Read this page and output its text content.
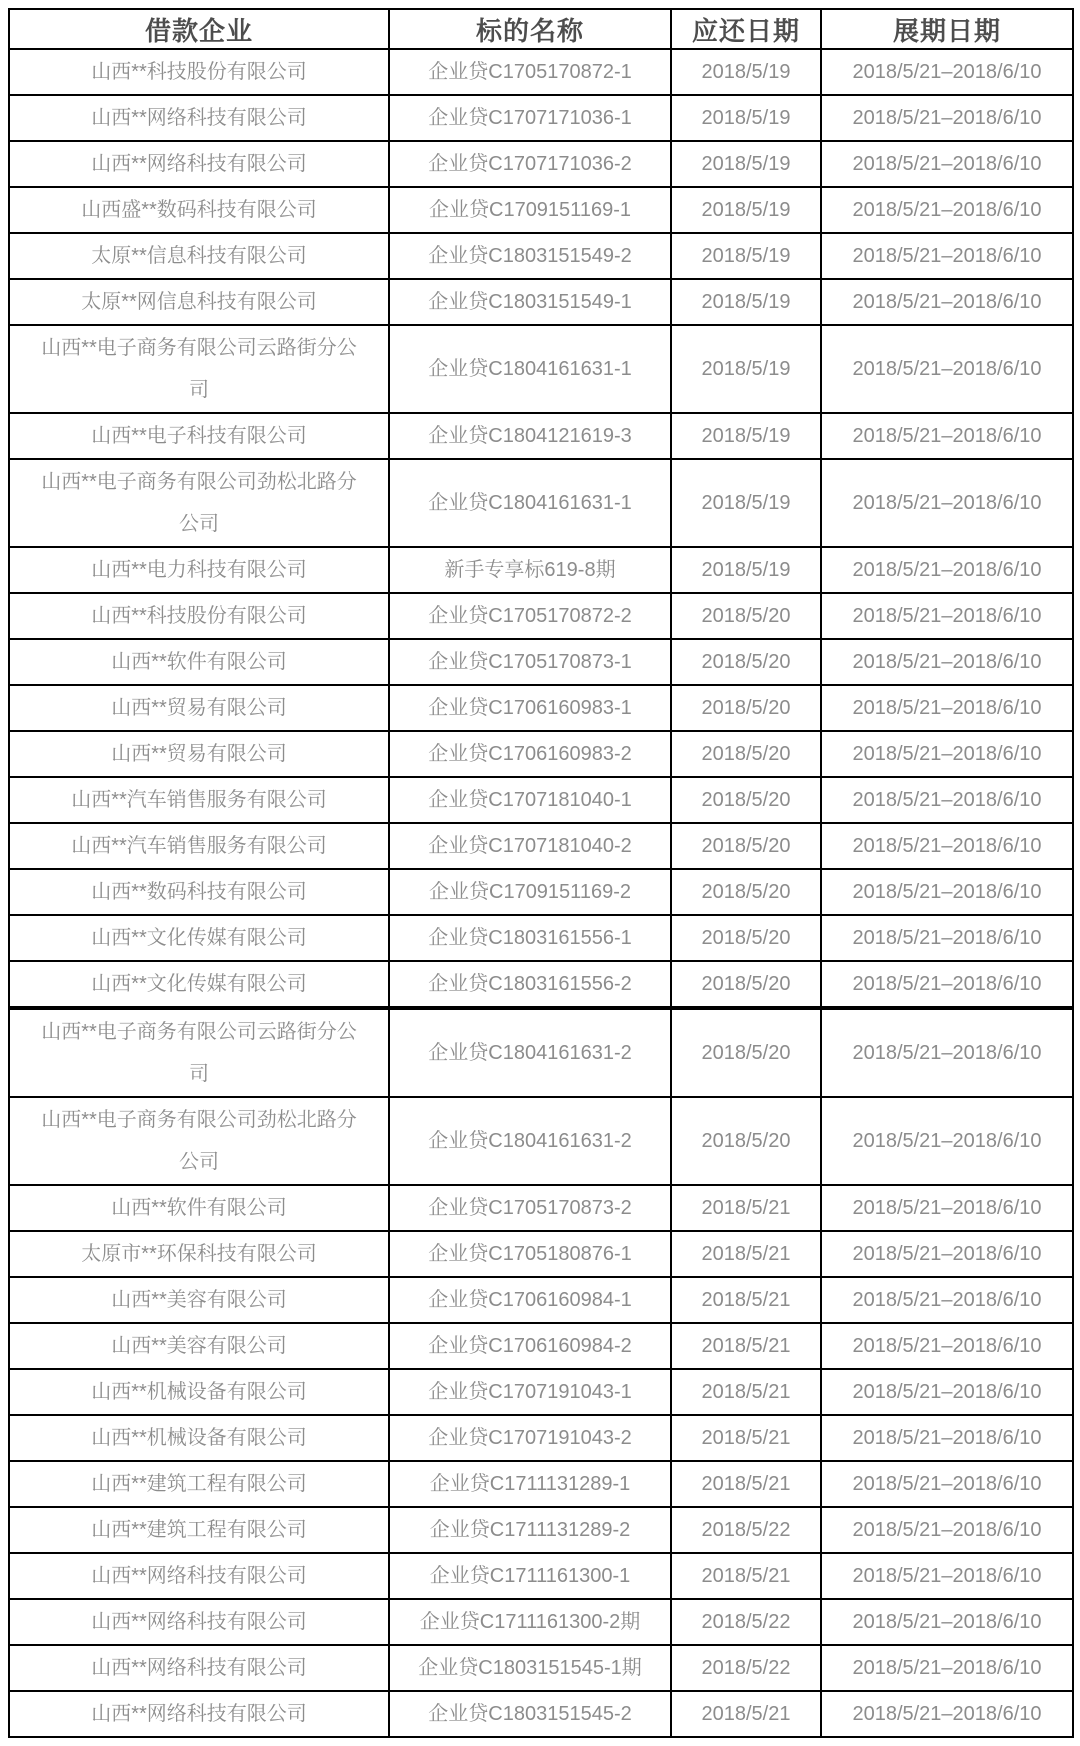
借款企业	标的名称	应还日期	展期日期
山西**科技股份有限公司	企业贷C1705170872-1	2018/5/19	2018/5/21–2018/6/10
山西**网络科技有限公司	企业贷C1707171036-1	2018/5/19	2018/5/21–2018/6/10
山西**网络科技有限公司	企业贷C1707171036-2	2018/5/19	2018/5/21–2018/6/10
山西盛**数码科技有限公司	企业贷C1709151169-1	2018/5/19	2018/5/21–2018/6/10
太原**信息科技有限公司	企业贷C1803151549-2	2018/5/19	2018/5/21–2018/6/10
太原**网信息科技有限公司	企业贷C1803151549-1	2018/5/19	2018/5/21–2018/6/10
山西**电子商务有限公司云路街分公司	企业贷C1804161631-1	2018/5/19	2018/5/21–2018/6/10
山西**电子科技有限公司	企业贷C1804121619-3	2018/5/19	2018/5/21–2018/6/10
山西**电子商务有限公司劲松北路分公司	企业贷C1804161631-1	2018/5/19	2018/5/21–2018/6/10
山西**电力科技有限公司	新手专享标619-8期	2018/5/19	2018/5/21–2018/6/10
山西**科技股份有限公司	企业贷C1705170872-2	2018/5/20	2018/5/21–2018/6/10
山西**软件有限公司	企业贷C1705170873-1	2018/5/20	2018/5/21–2018/6/10
山西**贸易有限公司	企业贷C1706160983-1	2018/5/20	2018/5/21–2018/6/10
山西**贸易有限公司	企业贷C1706160983-2	2018/5/20	2018/5/21–2018/6/10
山西**汽车销售服务有限公司	企业贷C1707181040-1	2018/5/20	2018/5/21–2018/6/10
山西**汽车销售服务有限公司	企业贷C1707181040-2	2018/5/20	2018/5/21–2018/6/10
山西**数码科技有限公司	企业贷C1709151169-2	2018/5/20	2018/5/21–2018/6/10
山西**文化传媒有限公司	企业贷C1803161556-1	2018/5/20	2018/5/21–2018/6/10
山西**文化传媒有限公司	企业贷C1803161556-2	2018/5/20	2018/5/21–2018/6/10
山西**电子商务有限公司云路街分公司	企业贷C1804161631-2	2018/5/20	2018/5/21–2018/6/10
山西**电子商务有限公司劲松北路分公司	企业贷C1804161631-2	2018/5/20	2018/5/21–2018/6/10
山西**软件有限公司	企业贷C1705170873-2	2018/5/21	2018/5/21–2018/6/10
太原市**环保科技有限公司	企业贷C1705180876-1	2018/5/21	2018/5/21–2018/6/10
山西**美容有限公司	企业贷C1706160984-1	2018/5/21	2018/5/21–2018/6/10
山西**美容有限公司	企业贷C1706160984-2	2018/5/21	2018/5/21–2018/6/10
山西**机械设备有限公司	企业贷C1707191043-1	2018/5/21	2018/5/21–2018/6/10
山西**机械设备有限公司	企业贷C1707191043-2	2018/5/21	2018/5/21–2018/6/10
山西**建筑工程有限公司	企业贷C1711131289-1	2018/5/21	2018/5/21–2018/6/10
山西**建筑工程有限公司	企业贷C1711131289-2	2018/5/22	2018/5/21–2018/6/10
山西**网络科技有限公司	企业贷C1711161300-1	2018/5/21	2018/5/21–2018/6/10
山西**网络科技有限公司	企业贷C1711161300-2期	2018/5/22	2018/5/21–2018/6/10
山西**网络科技有限公司	企业贷C1803151545-1期	2018/5/22	2018/5/21–2018/6/10
山西**网络科技有限公司	企业贷C1803151545-2	2018/5/21	2018/5/21–2018/6/10
